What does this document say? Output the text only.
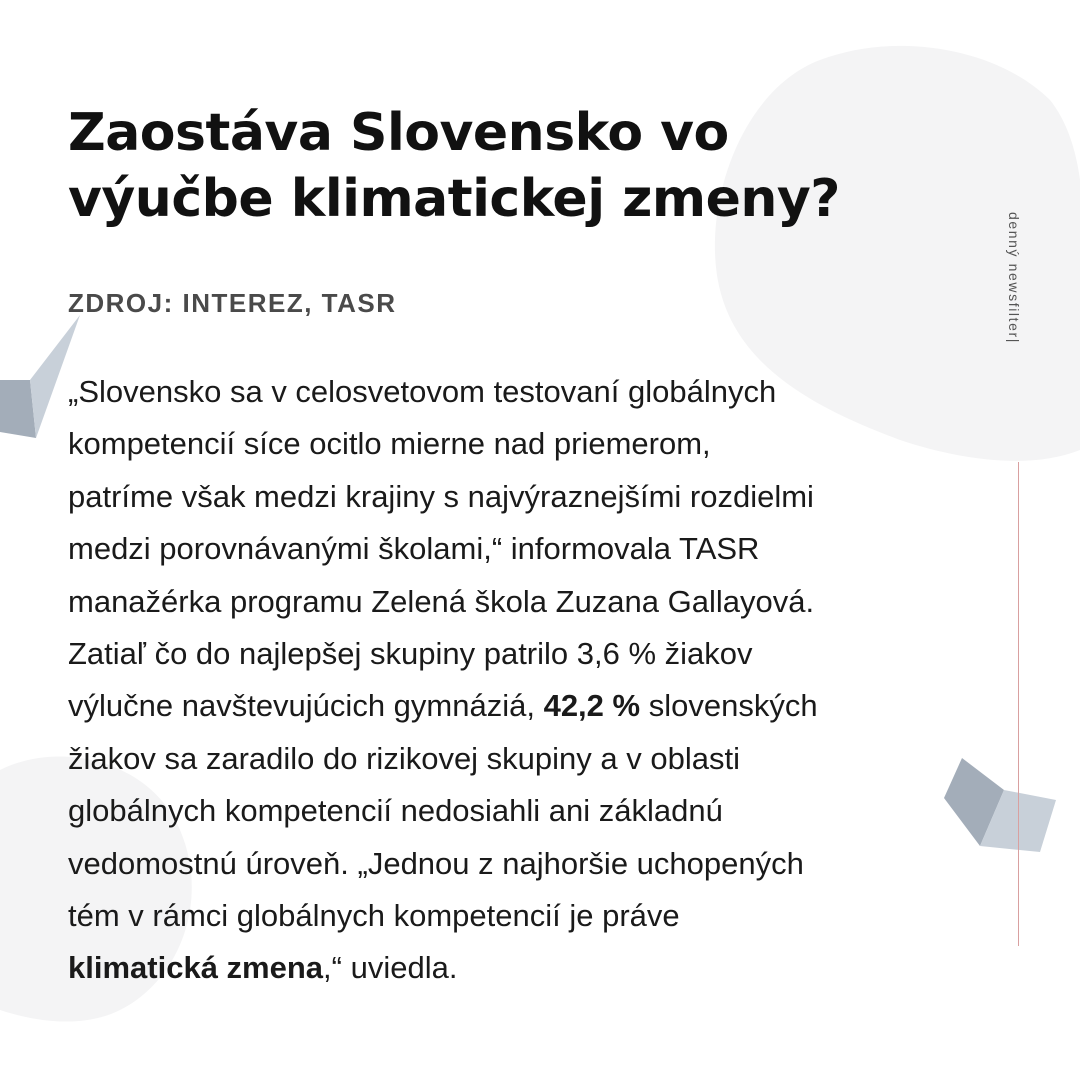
Zaostáva Slovensko vo
výučbe klimatickej zmeny?

ZDROJ: INTEREZ, TASR

„Slovensko sa v celosvetovom testovaní globálnych
kompetencií síce ocitlo mierne nad priemerom,
patríme však medzi krajiny s najvýraznejšími rozdielmi
medzi porovnávanými školami,“ informovala TASR
manažérka programu Zelená škola Zuzana Gallayová.
Zatiaľ čo do najlepšej skupiny patrilo 3,6 % žiakov
výlučne navštevujúcich gymnáziá, 42,2 % slovenských
žiakov sa zaradilo do rizikovej skupiny a v oblasti
globálnych kompetencií nedosiahli ani základnú
vedomostnú úroveň. „Jednou z najhoršie uchopených
tém v rámci globálnych kompetencií je práve
klimatická zmena,“ uviedla.
denný newsfilter|
